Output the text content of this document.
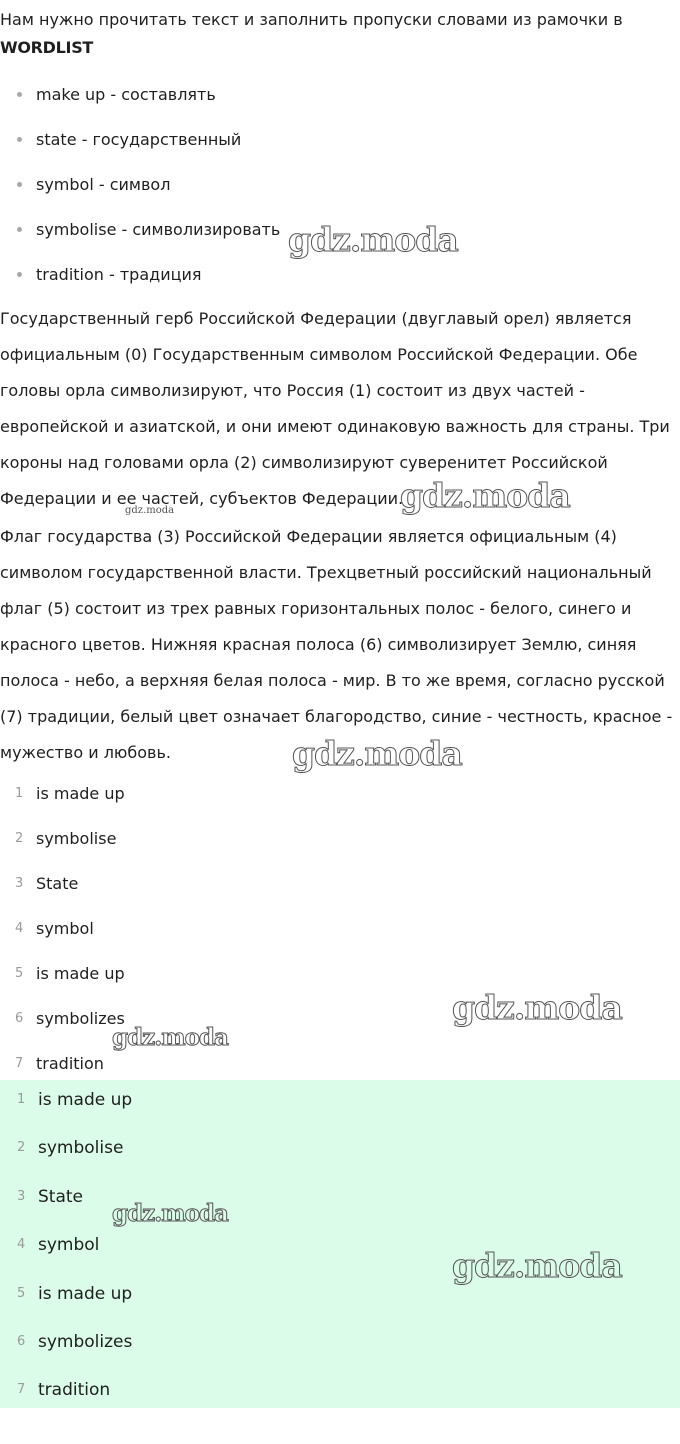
Нам нужно прочитать текст и заполнить пропуски словами из рамочки в
WORDLIST

make up - составлять
state - государственный
symbol - символ
symbolise - символизировать
tradition - традиция

Государственный герб Российской Федерации (двуглавый орел) является официальным (0) Государственным символом Российской Федерации. Обе головы орла символизируют, что Россия (1) состоит из двух частей - европейской и азиатской, и они имеют одинаковую важность для страны. Три короны над головами орла (2) символизируют суверенитет Российской Федерации и ее частей, субъектов Федерации.

Флаг государства (3) Российской Федерации является официальным (4) символом государственной власти. Трехцветный российский национальный флаг (5) состоит из трех равных горизонтальных полос - белого, синего и красного цветов. Нижняя красная полоса (6) символизирует Землю, синяя полоса - небо, а верхняя белая полоса - мир. В то же время, согласно русской (7) традиции, белый цвет означает благородство, синие - честность, красное - мужество и любовь.

1 is made up
2 symbolise
3 State
4 symbol
5 is made up
6 symbolizes
7 tradition
1 is made up
2 symbolise
3 State
4 symbol
5 is made up
6 symbolizes
7 tradition
gdz.moda
gdz.moda
gdz.moda
gdz.moda
gdz.moda
gdz.moda
